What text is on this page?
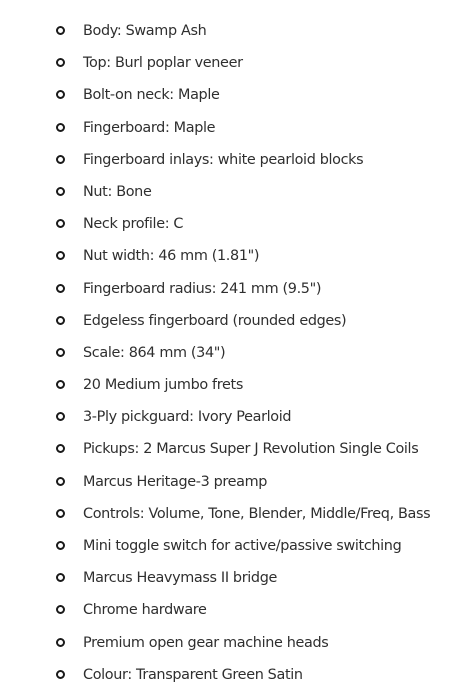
Body: Swamp Ash
Top: Burl poplar veneer
Bolt-on neck: Maple
Fingerboard: Maple
Fingerboard inlays: white pearloid blocks
Nut: Bone
Neck profile: C
Nut width: 46 mm (1.81")
Fingerboard radius: 241 mm (9.5")
Edgeless fingerboard (rounded edges)
Scale: 864 mm (34")
20 Medium jumbo frets
3-Ply pickguard: Ivory Pearloid
Pickups: 2 Marcus Super J Revolution Single Coils
Marcus Heritage-3 preamp
Controls: Volume, Tone, Blender, Middle/Freq, Bass
Mini toggle switch for active/passive switching
Marcus Heavymass II bridge
Chrome hardware
Premium open gear machine heads
Colour: Transparent Green Satin
